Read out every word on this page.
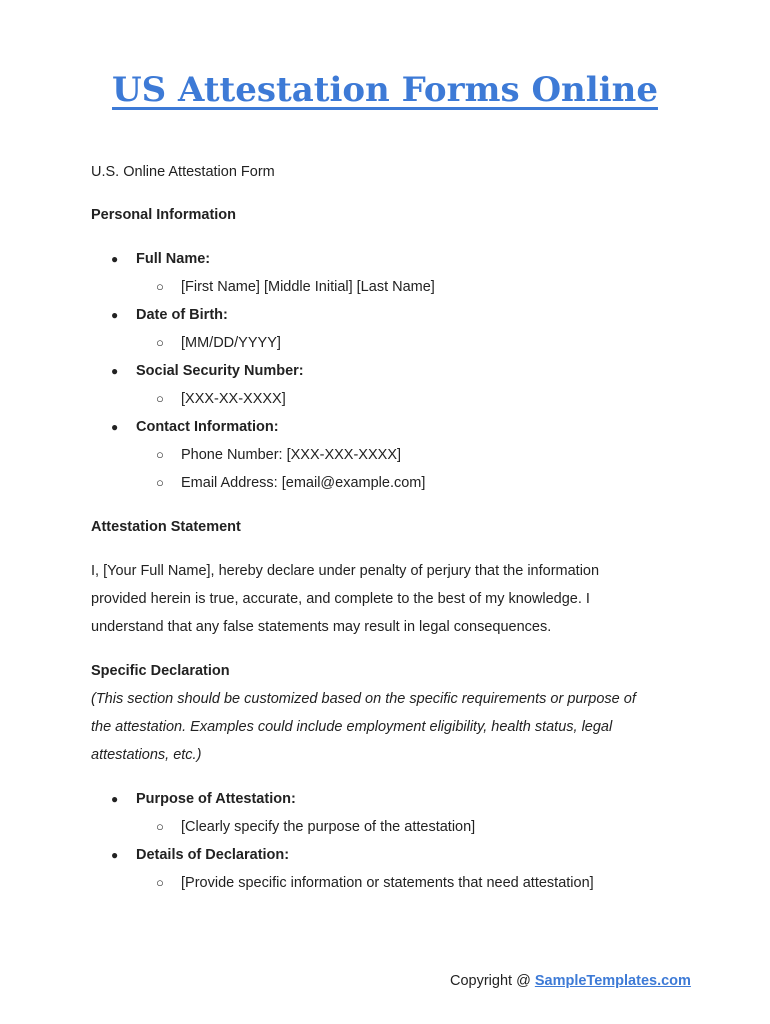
US Attestation Forms Online
U.S. Online Attestation Form
Personal Information
● Full Name:
○ [First Name] [Middle Initial] [Last Name]
● Date of Birth:
○ [MM/DD/YYYY]
● Social Security Number:
○ [XXX-XX-XXXX]
● Contact Information:
○ Phone Number: [XXX-XXX-XXXX]
○ Email Address: [email@example.com]
Attestation Statement
I, [Your Full Name], hereby declare under penalty of perjury that the information
provided herein is true, accurate, and complete to the best of my knowledge. I
understand that any false statements may result in legal consequences.
Specific Declaration
(This section should be customized based on the specific requirements or purpose of
the attestation. Examples could include employment eligibility, health status, legal
attestations, etc.)
● Purpose of Attestation:
○ [Clearly specify the purpose of the attestation]
● Details of Declaration:
○ [Provide specific information or statements that need attestation]
Copyright @ SampleTemplates.com
